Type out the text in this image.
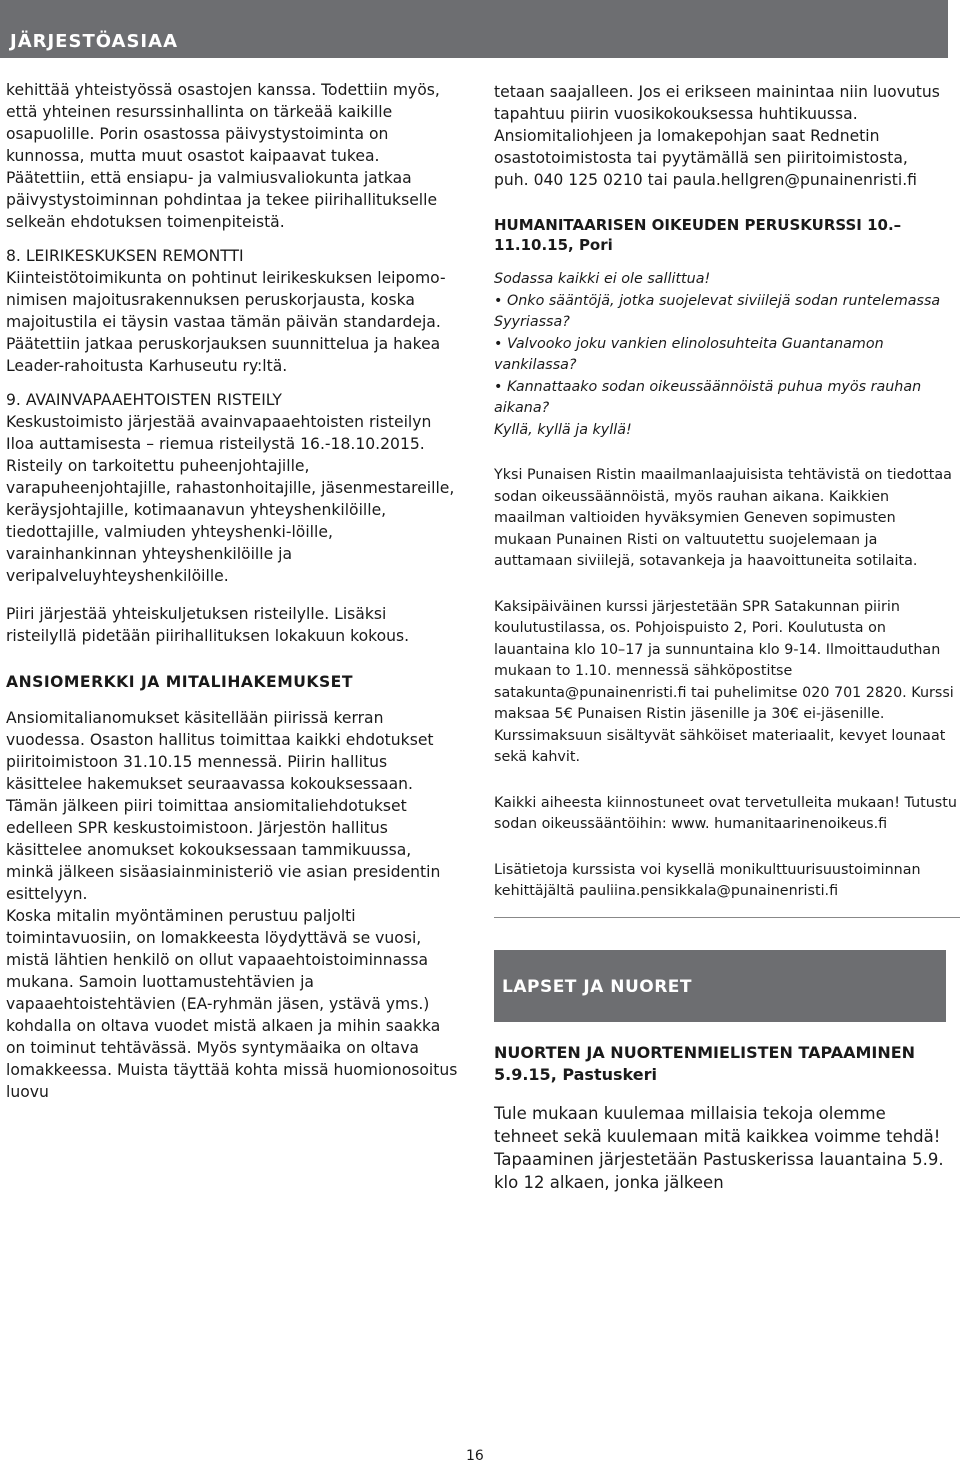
JÄRJESTÖASIAA

kehittää yhteistyössä osastojen kanssa. Todettiin myös, että yhteinen resurssinhallinta on tärkeää kaikille osapuolille. Porin osastossa päivystystoiminta on kunnossa, mutta muut osastot kaipaavat tukea.

Päätettiin, että ensiapu- ja valmiusvaliokunta jatkaa päivystystoiminnan pohdintaa ja tekee piirihallitukselle selkeän ehdotuksen toimenpiteistä.

8. LEIRIKESKUKSEN REMONTTI

Kiinteistötoimikunta on pohtinut leirikeskuksen leipomo-nimisen majoitusrakennuksen peruskorjausta, koska majoitustila ei täysin vastaa tämän päivän standardeja.

Päätettiin jatkaa peruskorjauksen suunnittelua ja hakea Leader-rahoitusta Karhuseutu ry:ltä.

9. AVAINVAPAAEHTOISTEN RISTEILY

Keskustoimisto järjestää avainvapaaehtoisten risteilyn Iloa auttamisesta – riemua risteilystä 16.-18.10.2015. Risteily on tarkoitettu puheenjohtajille, varapuheenjohtajille, rahastonhoitajille, jäsenmestareille, keräysjohtajille, kotimaanavun yhteyshenkilöille, tiedottajille, valmiuden yhteyshenki-löille, varainhankinnan yhteyshenkilöille ja veripalveluyhteyshenkilöille.

Piiri järjestää yhteiskuljetuksen risteilylle. Lisäksi risteilyllä pidetään piirihallituksen lokakuun kokous.

ANSIOMERKKI JA MITALIHAKEMUKSET

Ansiomitalianomukset käsitellään piirissä kerran vuodessa. Osaston hallitus toimittaa kaikki ehdotukset piiritoimistoon 31.10.15 mennessä. Piirin hallitus käsittelee hakemukset seuraavassa kokouksessaan. Tämän jälkeen piiri toimittaa ansiomitaliehdotukset edelleen SPR keskustoimistoon. Järjestön hallitus käsittelee anomukset kokouksessaan tammikuussa, minkä jälkeen sisäasiainministeriö vie asian presidentin esittelyyn.

Koska mitalin myöntäminen perustuu paljolti toimintavuosiin, on lomakkeesta löydyttävä se vuosi, mistä lähtien henkilö on ollut vapaaehtoistoiminnassa mukana. Samoin luottamustehtävien ja vapaaehtoistehtävien (EA-ryhmän jäsen, ystävä yms.) kohdalla on oltava vuodet mistä alkaen ja mihin saakka on toiminut tehtävässä. Myös syntymäaika on oltava lomakkeessa. Muista täyttää kohta missä huomionosoitus luovu

tetaan saajalleen. Jos ei erikseen mainintaa niin luovutus tapahtuu piirin vuosikokouksessa huhtikuussa.

Ansiomitaliohjeen ja lomakepohjan saat Rednetin osastotoimistosta tai pyytämällä sen piiritoimistosta, puh. 040 125 0210 tai paula.hellgren@punainenristi.fi

HUMANITAARISEN OIKEUDEN PERUSKURSSI 10.–11.10.15, Pori

Sodassa kaikki ei ole sallittua!

• Onko sääntöjä, jotka suojelevat siviilejä sodan runtelemassa Syyriassa?

• Valvooko joku vankien elinolosuhteita Guantanamon vankilassa?

• Kannattaako sodan oikeussäännöistä puhua myös rauhan aikana?

Kyllä, kyllä ja kyllä!

Yksi Punaisen Ristin maailmanlaajuisista tehtävistä on tiedottaa sodan oikeussäännöistä, myös rauhan aikana. Kaikkien maailman valtioiden hyväksymien Geneven sopimusten mukaan Punainen Risti on valtuutettu suojelemaan ja auttamaan siviilejä, sotavankeja ja haavoittuneita sotilaita.

Kaksipäiväinen kurssi järjestetään SPR Satakunnan piirin koulutustilassa, os. Pohjoispuisto 2, Pori. Koulutusta on lauantaina klo 10–17 ja sunnuntaina klo 9-14. Ilmoittauduthan mukaan to 1.10. mennessä sähköpostitse satakunta@punainenristi.fi tai puhelimitse 020 701 2820. Kurssi maksaa 5€ Punaisen Ristin jäsenille ja 30€ ei-jäsenille. Kurssimaksuun sisältyvät sähköiset materiaalit, kevyet lounaat sekä kahvit.

Kaikki aiheesta kiinnostuneet ovat tervetulleita mukaan! Tutustu sodan oikeussääntöihin: www. humanitaarinenoikeus.fi

Lisätietoja kurssista voi kysellä monikulttuurisuustoiminnan kehittäjältä pauliina.pensikkala@punainenristi.fi

LAPSET JA NUORET

NUORTEN JA NUORTENMIELISTEN TAPAAMINEN 5.9.15, Pastuskeri

Tule mukaan kuulemaa millaisia tekoja olemme tehneet sekä kuulemaan mitä kaikkea voimme tehdä!

Tapaaminen järjestetään Pastuskerissa lauantaina 5.9. klo 12 alkaen, jonka jälkeen

16
